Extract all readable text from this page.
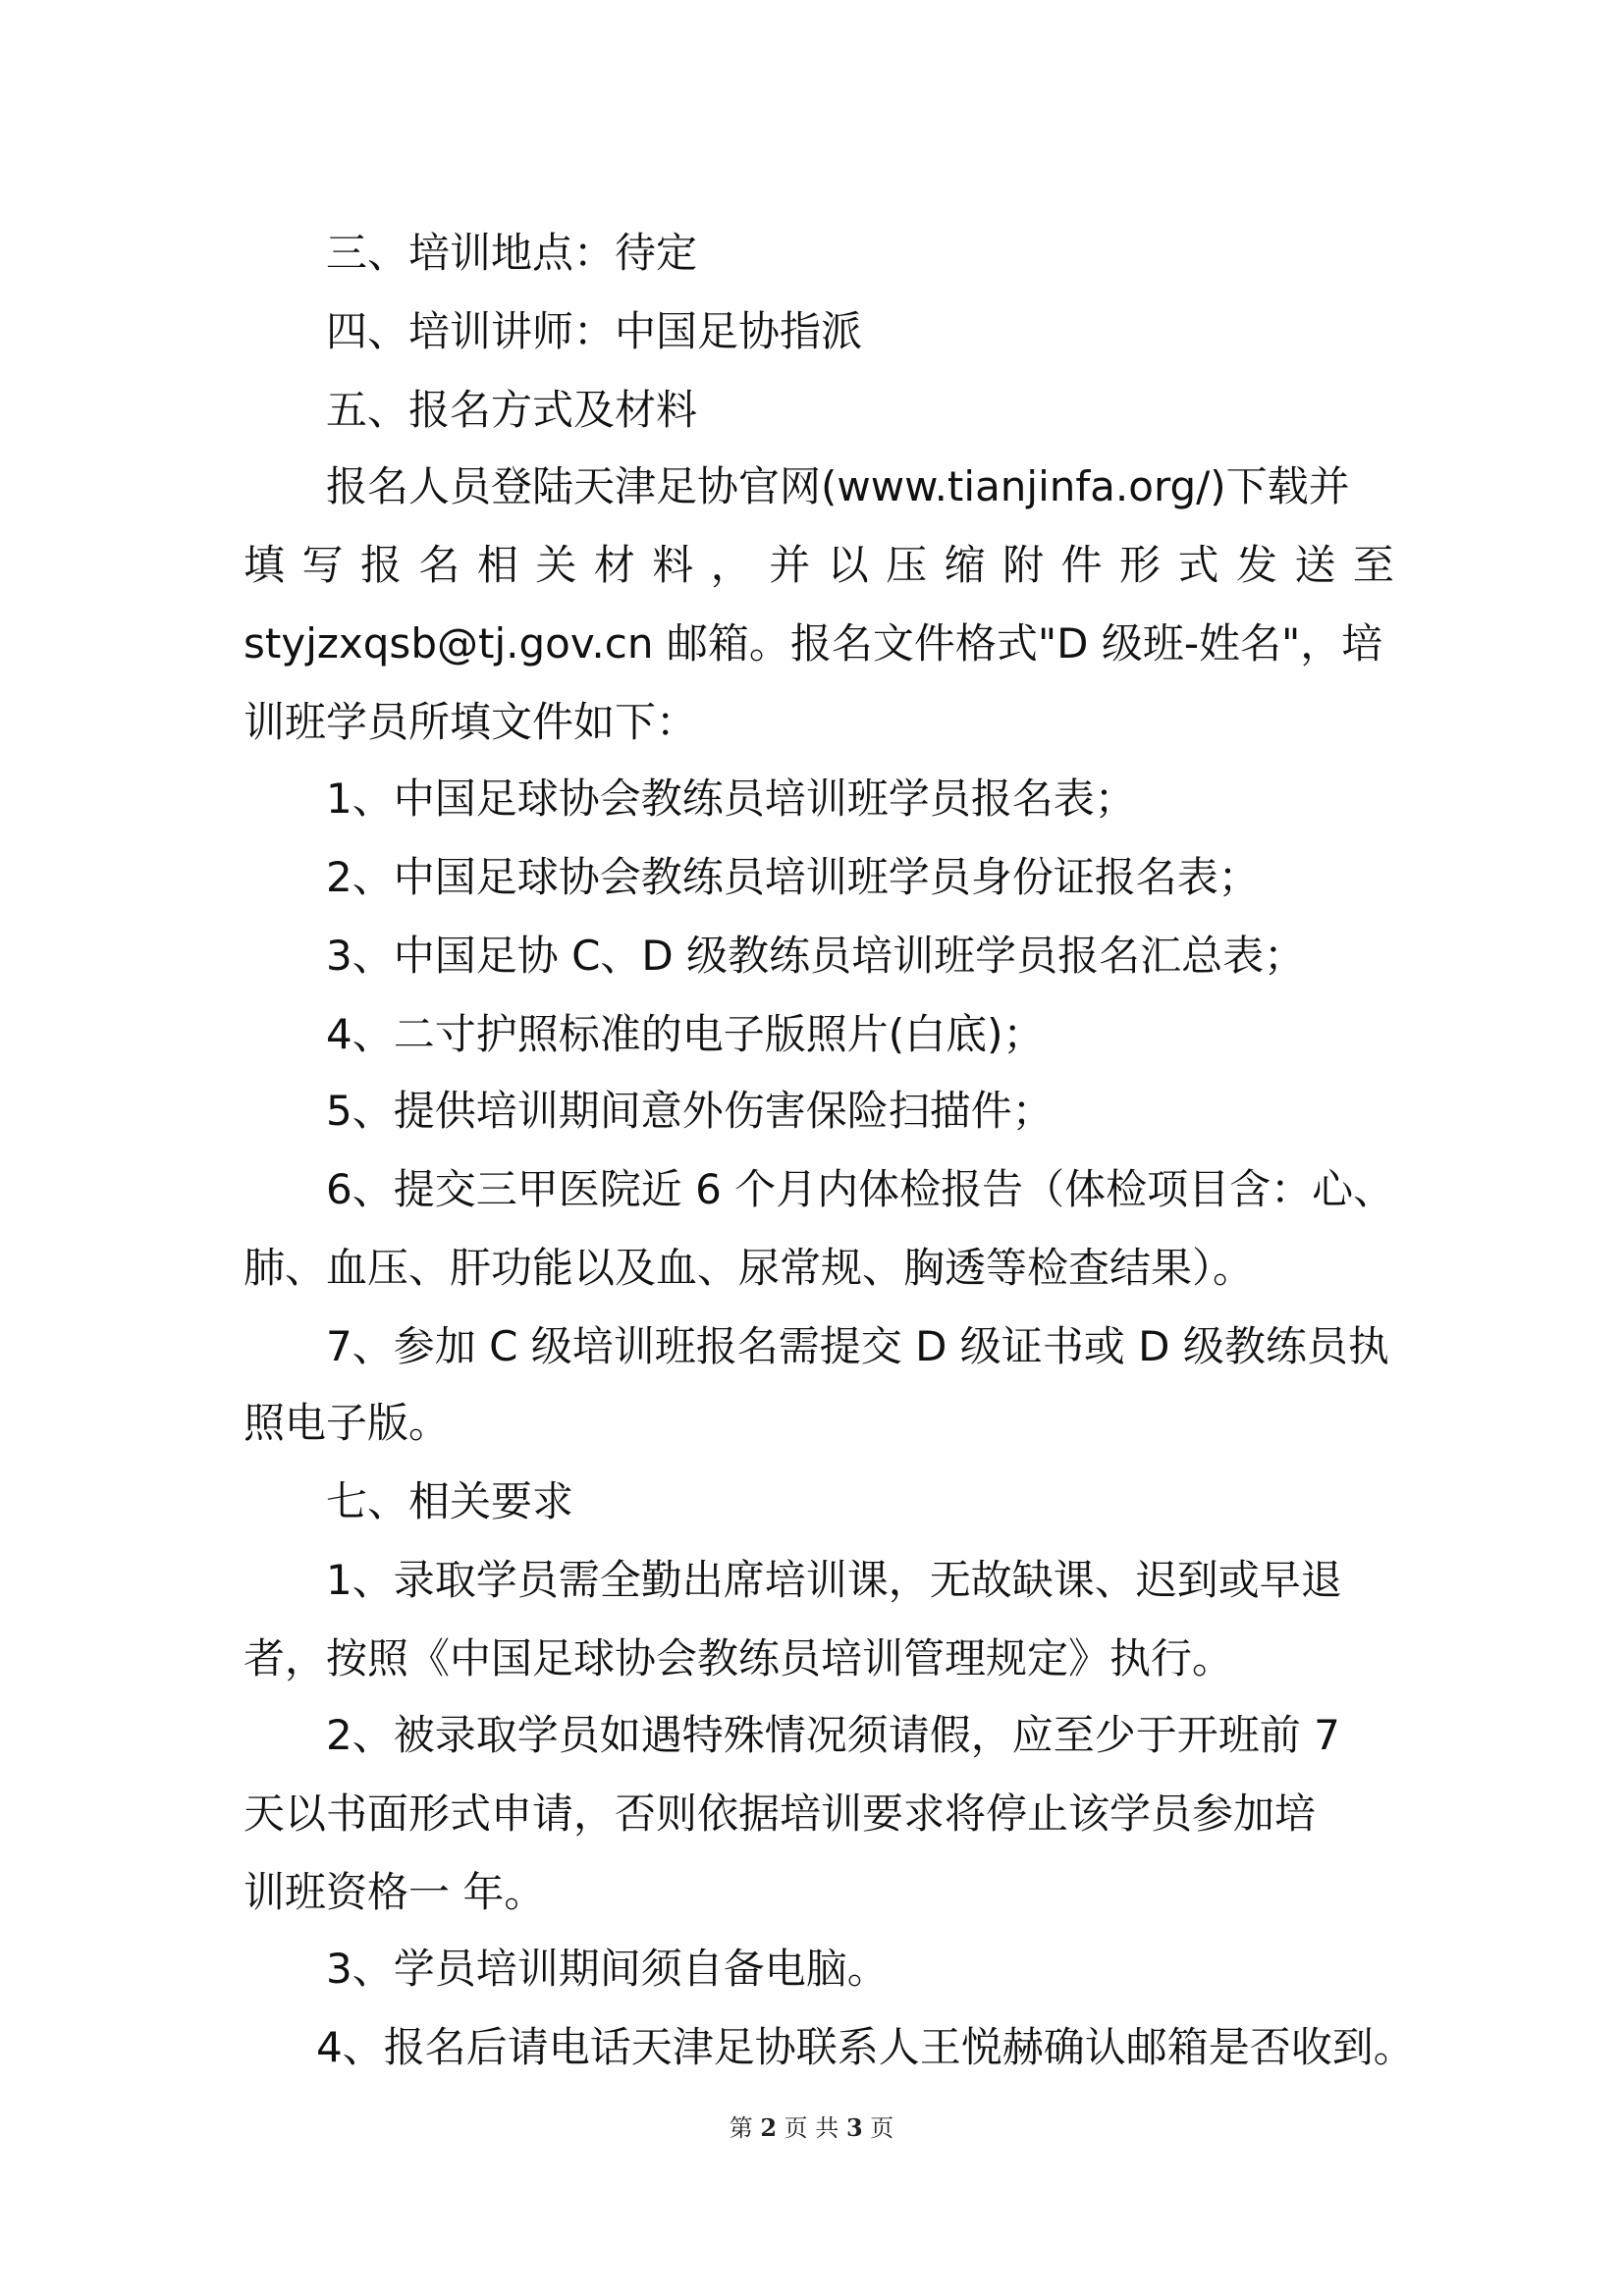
三、培训地点：待定
四、培训讲师：中国足协指派
五、报名方式及材料
报名人员登陆天津足协官网(www.tianjinfa.org/)下载并
填 写 报 名 相 关 材 料 ， 并 以 压 缩 附 件 形 式 发 送 至
styjzxqsb@tj.gov.cn 邮箱。报名文件格式"D 级班-姓名"，培
训班学员所填文件如下：
1、中国足球协会教练员培训班学员报名表；
2、中国足球协会教练员培训班学员身份证报名表；
3、中国足协 C、D 级教练员培训班学员报名汇总表；
4、二寸护照标准的电子版照片(白底)；
5、提供培训期间意外伤害保险扫描件；
6、提交三甲医院近 6 个月内体检报告（体检项目含：心、
肺、血压、肝功能以及血、尿常规、胸透等检查结果）。
7、参加 C 级培训班报名需提交 D 级证书或 D 级教练员执
照电子版。
七、相关要求
1、录取学员需全勤出席培训课，无故缺课、迟到或早退
者，按照《中国足球协会教练员培训管理规定》执行。
2、被录取学员如遇特殊情况须请假，应至少于开班前 7
天以书面形式申请，否则依据培训要求将停止该学员参加培
训班资格一 年。
3、学员培训期间须自备电脑。
4、报名后请电话天津足协联系人王悦赫确认邮箱是否收到。
第 2 页 共 3 页
